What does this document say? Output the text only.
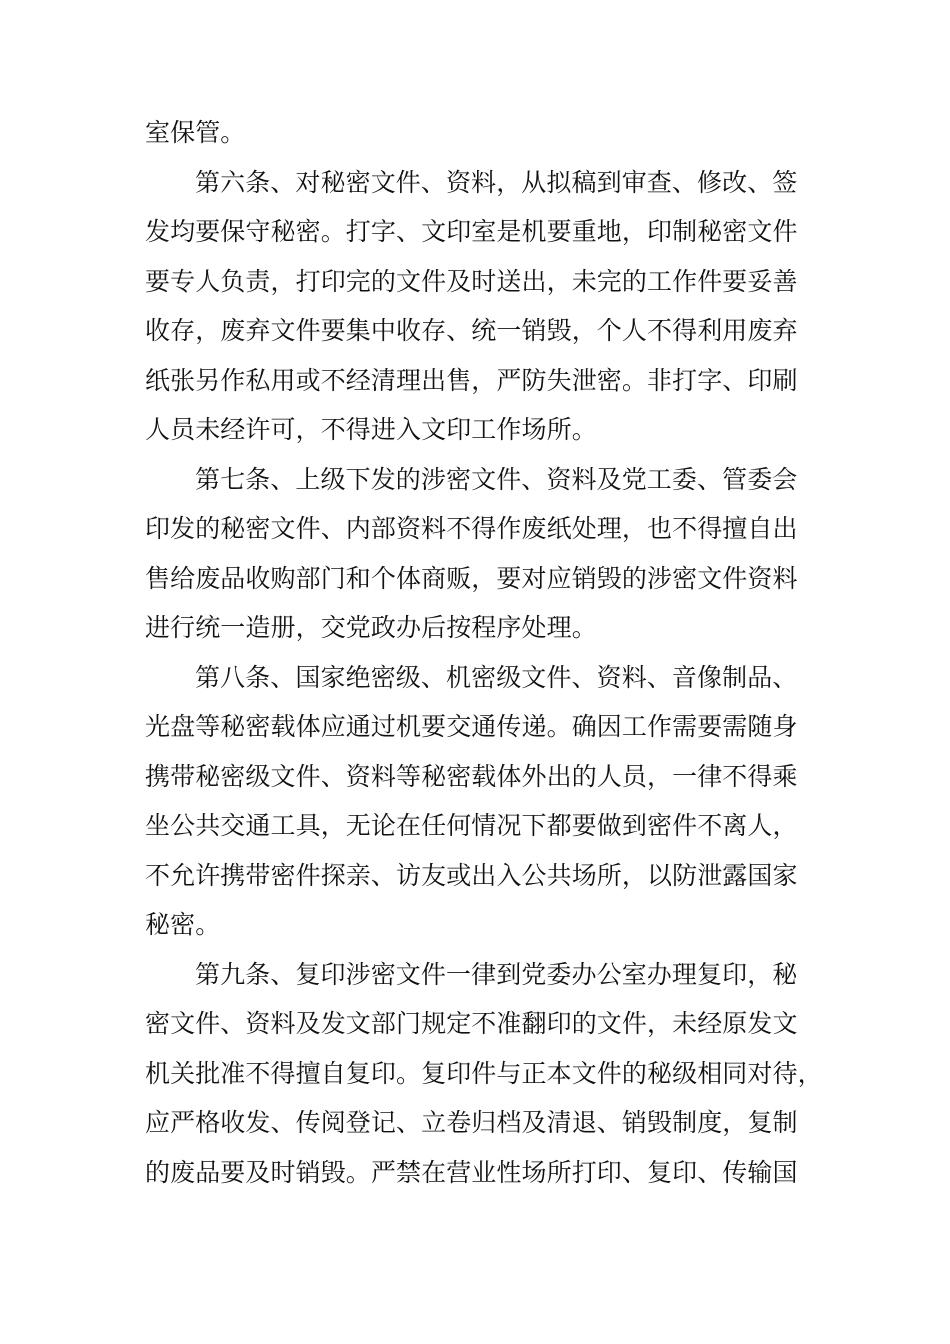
室保管。
第六条、对秘密文件、资料，从拟稿到审查、修改、签
发均要保守秘密。打字、文印室是机要重地，印制秘密文件
要专人负责，打印完的文件及时送出，未完的工作件要妥善
收存，废弃文件要集中收存、统一销毁，个人不得利用废弃
纸张另作私用或不经清理出售，严防失泄密。非打字、印刷
人员未经许可，不得进入文印工作场所。
第七条、上级下发的涉密文件、资料及党工委、管委会
印发的秘密文件、内部资料不得作废纸处理，也不得擅自出
售给废品收购部门和个体商贩，要对应销毁的涉密文件资料
进行统一造册，交党政办后按程序处理。
第八条、国家绝密级、机密级文件、资料、音像制品、
光盘等秘密载体应通过机要交通传递。确因工作需要需随身
携带秘密级文件、资料等秘密载体外出的人员，一律不得乘
坐公共交通工具，无论在任何情况下都要做到密件不离人，
不允许携带密件探亲、访友或出入公共场所，以防泄露国家
秘密。
第九条、复印涉密文件一律到党委办公室办理复印，秘
密文件、资料及发文部门规定不准翻印的文件，未经原发文
机关批准不得擅自复印。复印件与正本文件的秘级相同对待，
应严格收发、传阅登记、立卷归档及清退、销毁制度，复制
的废品要及时销毁。严禁在营业性场所打印、复印、传输国
